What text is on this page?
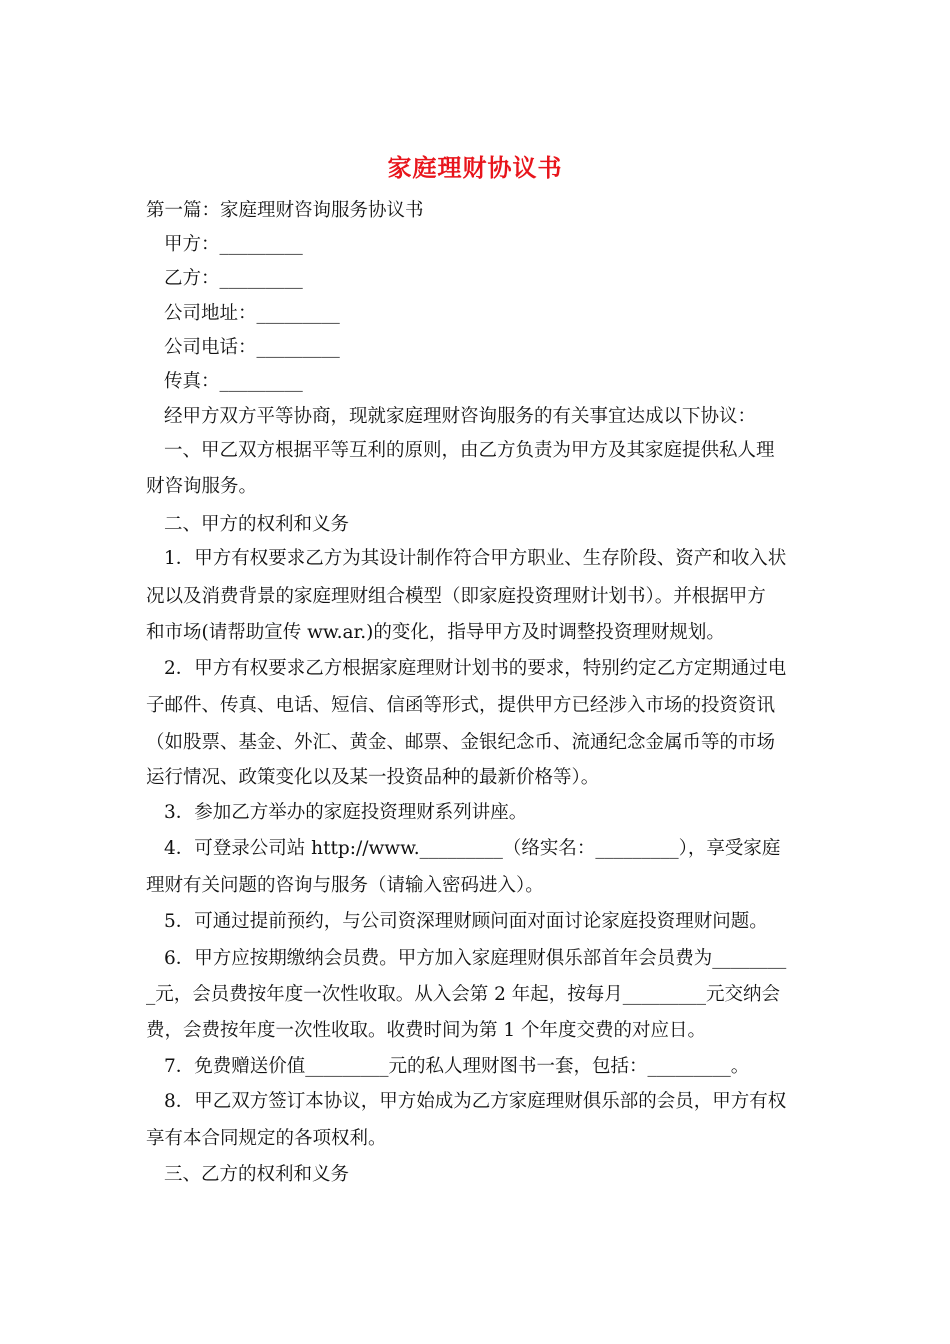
家庭理财协议书
第一篇：家庭理财咨询服务协议书
甲方：_________
乙方：_________
公司地址：_________
公司电话：_________
传真：_________
经甲方双方平等协商，现就家庭理财咨询服务的有关事宜达成以下协议：
一、甲乙双方根据平等互利的原则，由乙方负责为甲方及其家庭提供私人理
财咨询服务。
二、甲方的权利和义务
1．甲方有权要求乙方为其设计制作符合甲方职业、生存阶段、资产和收入状
况以及消费背景的家庭理财组合模型（即家庭投资理财计划书）。并根据甲方
和市场(请帮助宣传 ww.ar.)的变化，指导甲方及时调整投资理财规划。
2．甲方有权要求乙方根据家庭理财计划书的要求，特别约定乙方定期通过电
子邮件、传真、电话、短信、信函等形式，提供甲方已经涉入市场的投资资讯
（如股票、基金、外汇、黄金、邮票、金银纪念币、流通纪念金属币等的市场
运行情况、政策变化以及某一投资品种的最新价格等）。
3．参加乙方举办的家庭投资理财系列讲座。
4．可登录公司站 http://www._________（络实名：_________），享受家庭
理财有关问题的咨询与服务（请输入密码进入）。
5．可通过提前预约，与公司资深理财顾问面对面讨论家庭投资理财问题。
6．甲方应按期缴纳会员费。甲方加入家庭理财俱乐部首年会员费为________
_元，会员费按年度一次性收取。从入会第 2 年起，按每月_________元交纳会
费，会费按年度一次性收取。收费时间为第 1 个年度交费的对应日。
7．免费赠送价值_________元的私人理财图书一套，包括：_________。
8．甲乙双方签订本协议，甲方始成为乙方家庭理财俱乐部的会员，甲方有权
享有本合同规定的各项权利。
三、乙方的权利和义务
